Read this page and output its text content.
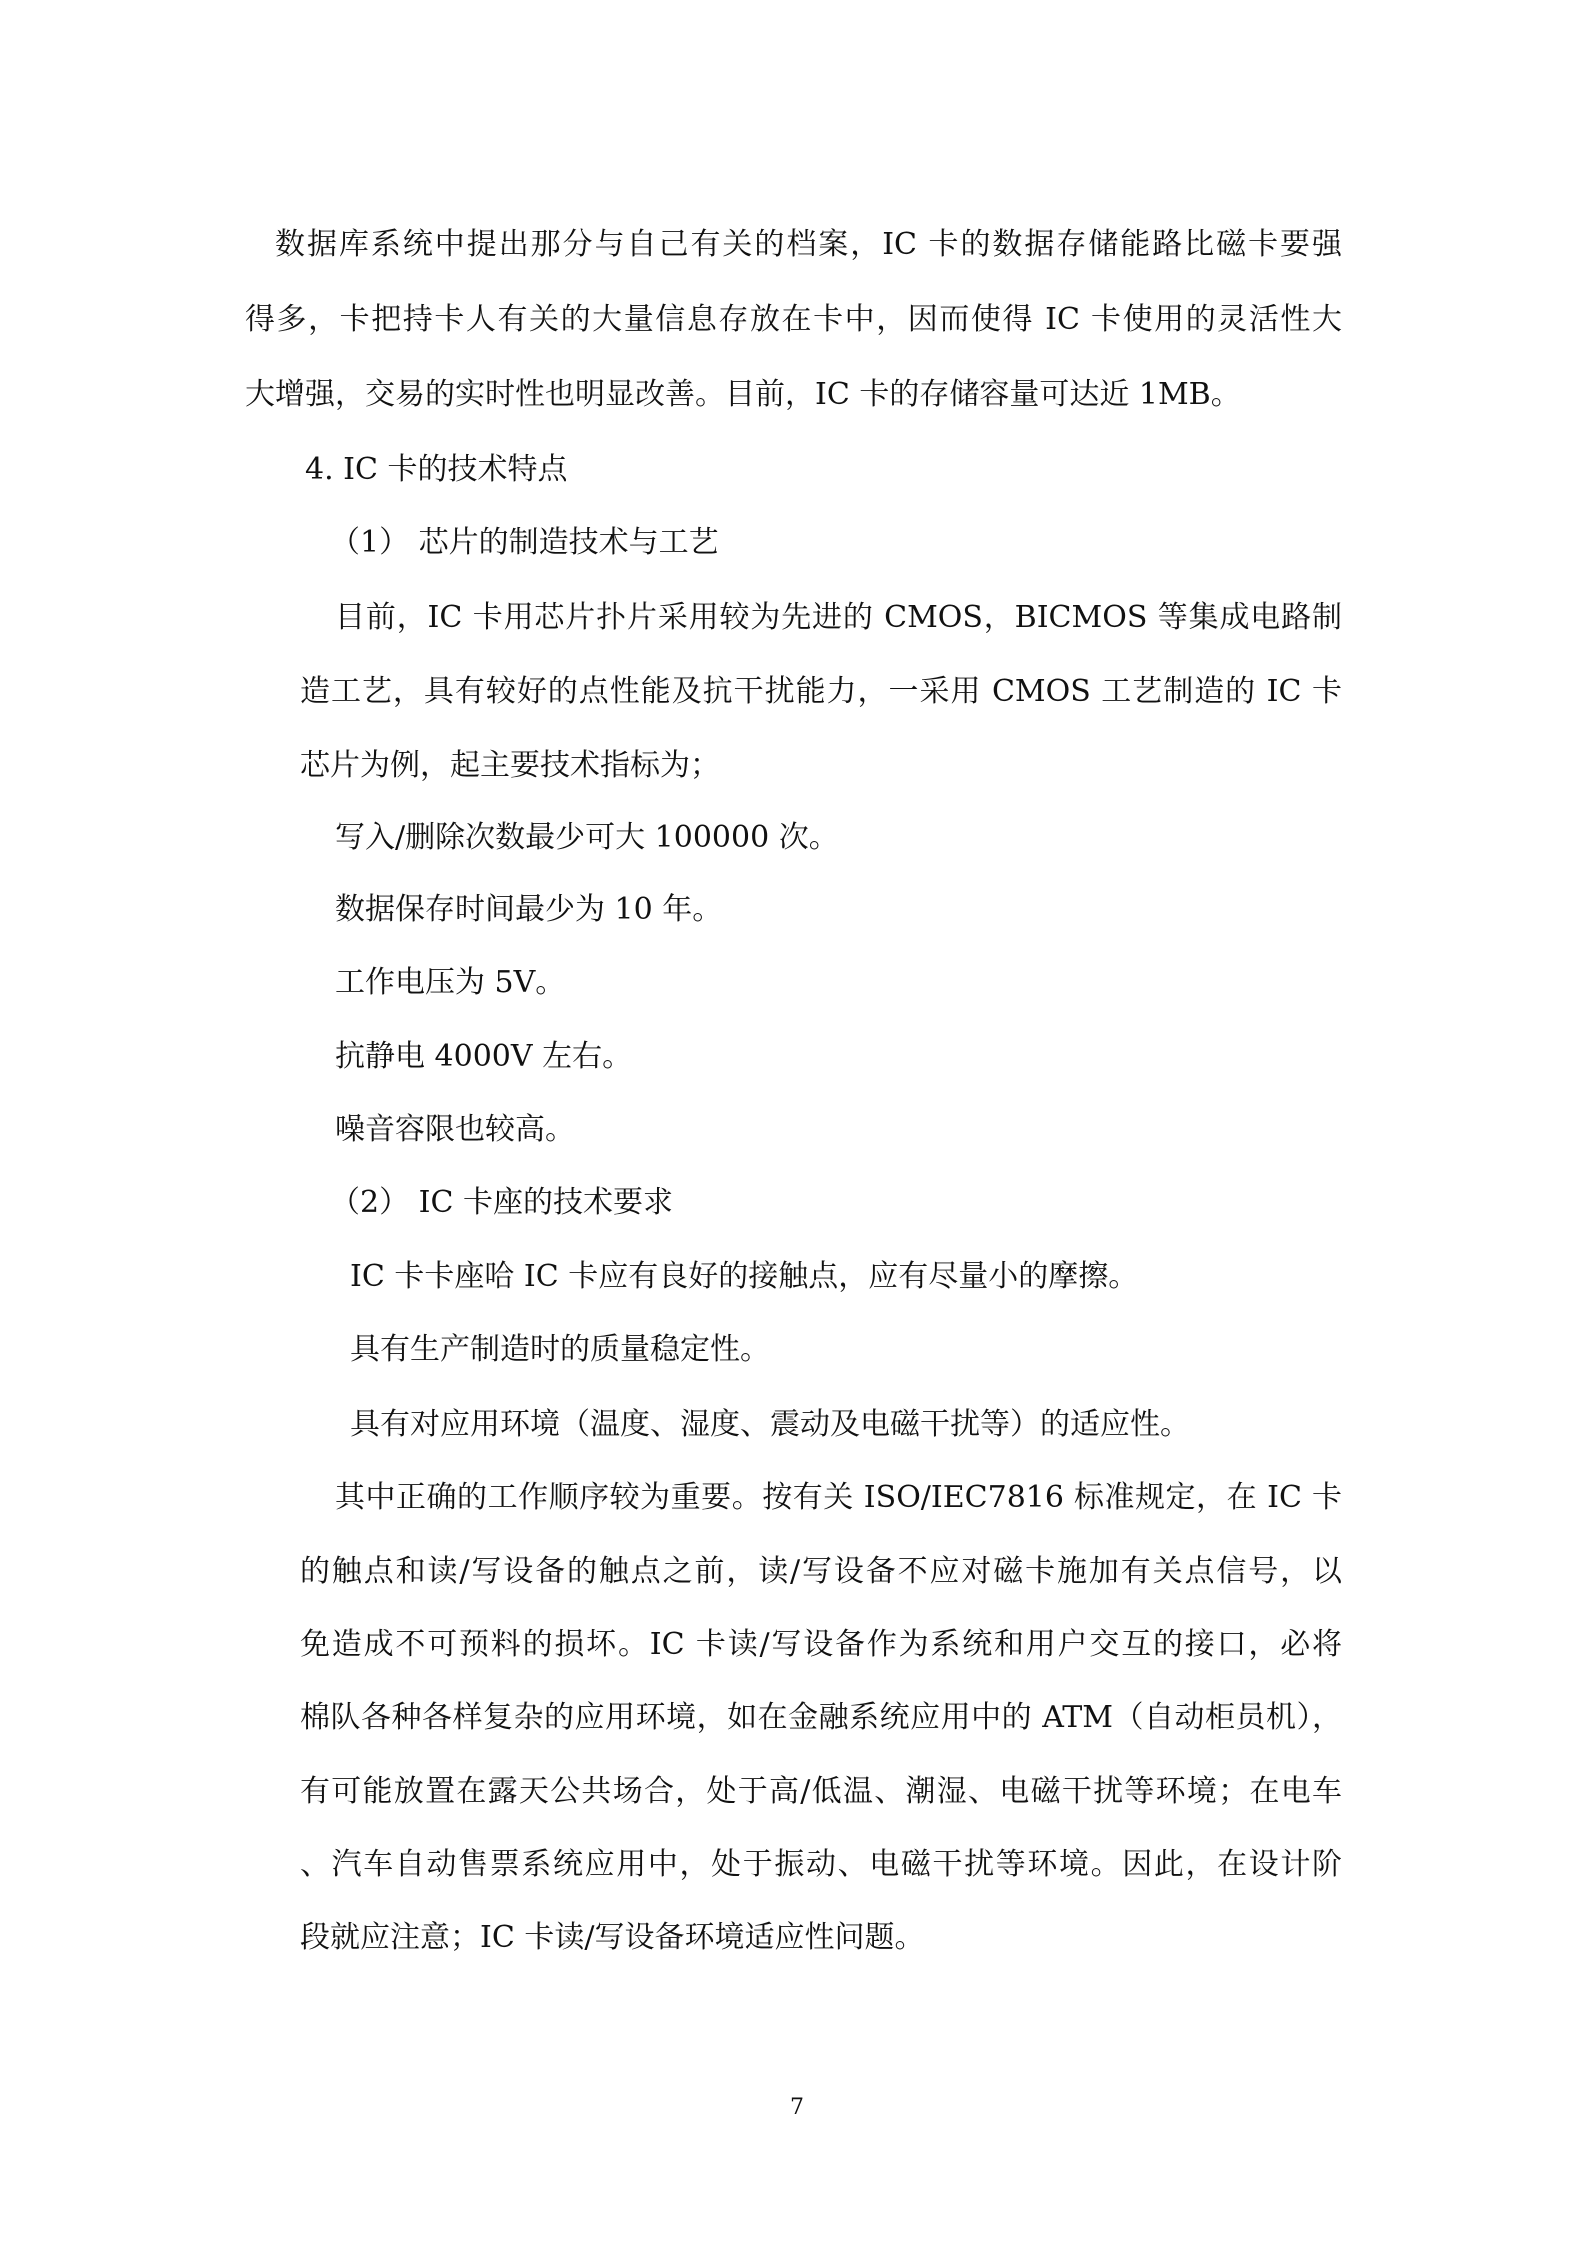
数据库系统中提出那分与自己有关的档案，IC 卡的数据存储能路比磁卡要强
得多，卡把持卡人有关的大量信息存放在卡中，因而使得 IC 卡使用的灵活性大
大增强，交易的实时性也明显改善。目前，IC 卡的存储容量可达近 1MB。
4. IC 卡的技术特点
（1） 芯片的制造技术与工艺
目前，IC 卡用芯片扑片采用较为先进的 CMOS，BICMOS 等集成电路制
造工艺，具有较好的点性能及抗干扰能力，一采用 CMOS 工艺制造的 IC 卡
芯片为例，起主要技术指标为；
写入/删除次数最少可大 100000 次。
数据保存时间最少为 10 年。
工作电压为 5V。
抗静电 4000V 左右。
噪音容限也较高。
（2） IC 卡座的技术要求
IC 卡卡座哈 IC 卡应有良好的接触点，应有尽量小的摩擦。
具有生产制造时的质量稳定性。
具有对应用环境（温度、湿度、震动及电磁干扰等）的适应性。
其中正确的工作顺序较为重要。按有关 ISO/IEC7816 标准规定，在 IC 卡
的触点和读/写设备的触点之前，读/写设备不应对磁卡施加有关点信号，以
免造成不可预料的损坏。IC 卡读/写设备作为系统和用户交互的接口，必将
棉队各种各样复杂的应用环境，如在金融系统应用中的 ATM（自动柜员机），
有可能放置在露天公共场合，处于高/低温、潮湿、电磁干扰等环境；在电车
、汽车自动售票系统应用中，处于振动、电磁干扰等环境。因此，在设计阶
段就应注意；IC 卡读/写设备环境适应性问题。
7
